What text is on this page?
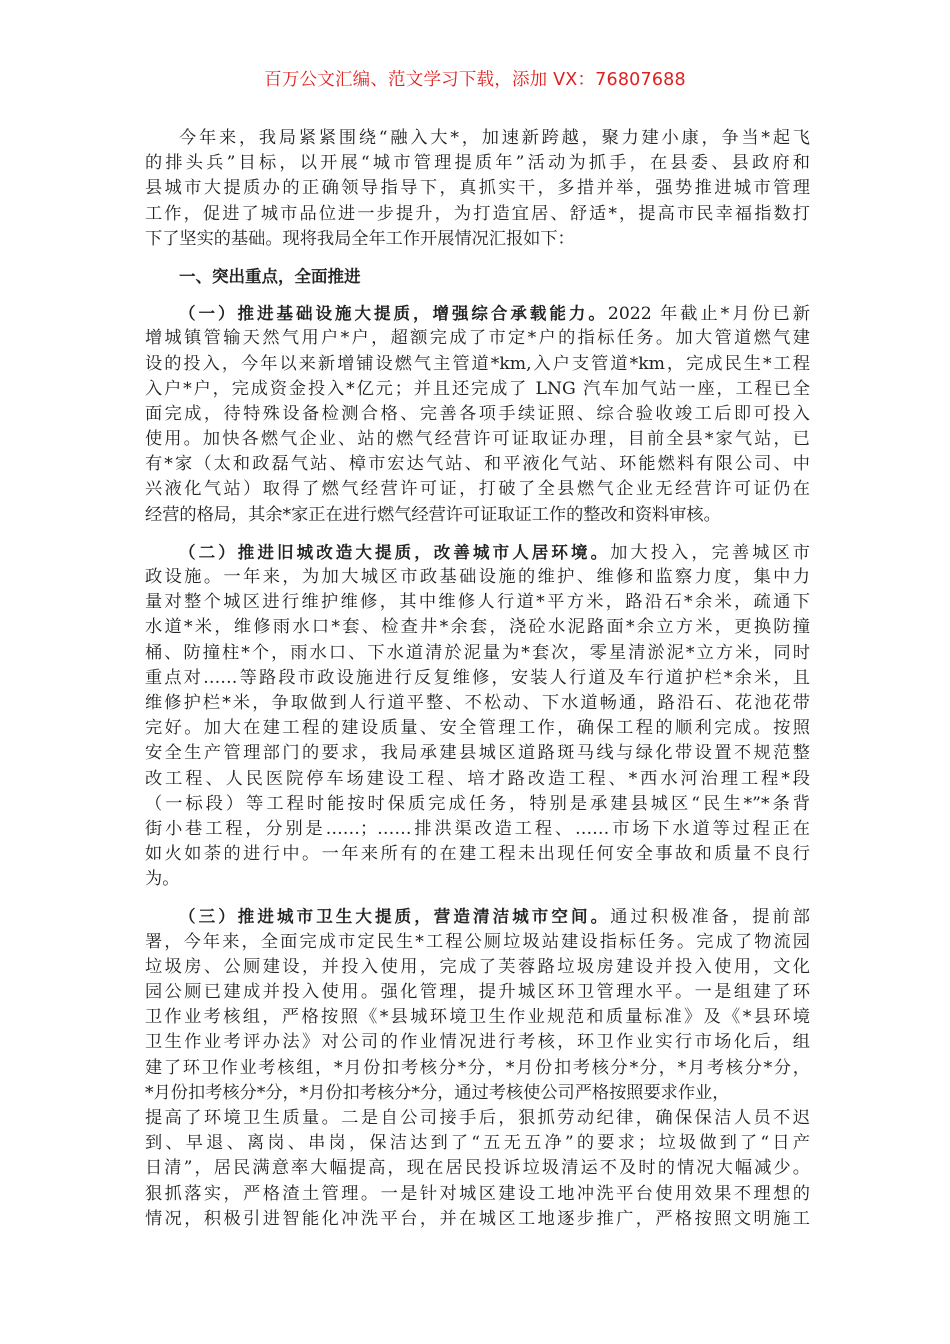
百万公文汇编、范文学习下载，添加 VX：76807688
今年来，我局紧紧围绕“融入大*，加速新跨越，聚力建小康，争当*起飞
的排头兵”目标，以开展“城市管理提质年”活动为抓手，在县委、县政府和
县城市大提质办的正确领导指导下，真抓实干，多措并举，强势推进城市管理
工作，促进了城市品位进一步提升，为打造宜居、舒适*，提高市民幸福指数打
下了坚实的基础。现将我局全年工作开展情况汇报如下：
一、突出重点，全面推进
（一）推进基础设施大提质，增强综合承载能力。2022 年截止*月份已新
增城镇管输天然气用户*户，超额完成了市定*户的指标任务。加大管道燃气建
设的投入，今年以来新增铺设燃气主管道*km,入户支管道*km，完成民生*工程
入户*户，完成资金投入*亿元；并且还完成了 LNG 汽车加气站一座，工程已全
面完成，待特殊设备检测合格、完善各项手续证照、综合验收竣工后即可投入
使用。加快各燃气企业、站的燃气经营许可证取证办理，目前全县*家气站，已
有*家（太和政磊气站、樟市宏达气站、和平液化气站、环能燃料有限公司、中
兴液化气站）取得了燃气经营许可证，打破了全县燃气企业无经营许可证仍在
经营的格局，其余*家正在进行燃气经营许可证取证工作的整改和资料审核。
（二）推进旧城改造大提质，改善城市人居环境。加大投入，完善城区市
政设施。一年来，为加大城区市政基础设施的维护、维修和监察力度，集中力
量对整个城区进行维护维修，其中维修人行道*平方米，路沿石*余米，疏通下
水道*米，维修雨水口*套、检查井*余套，浇砼水泥路面*余立方米，更换防撞
桶、防撞柱*个，雨水口、下水道清於泥量为*套次，零星清淤泥*立方米，同时
重点对……等路段市政设施进行反复维修，安装人行道及车行道护栏*余米，且
维修护栏*米，争取做到人行道平整、不松动、下水道畅通，路沿石、花池花带
完好。加大在建工程的建设质量、安全管理工作，确保工程的顺利完成。按照
安全生产管理部门的要求，我局承建县城区道路斑马线与绿化带设置不规范整
改工程、人民医院停车场建设工程、培才路改造工程、*西水河治理工程*段
（一标段）等工程时能按时保质完成任务，特别是承建县城区“民生*”*条背
街小巷工程，分别是……；……排洪渠改造工程、……市场下水道等过程正在
如火如荼的进行中。一年来所有的在建工程未出现任何安全事故和质量不良行
为。
（三）推进城市卫生大提质，营造清洁城市空间。通过积极准备，提前部
署，今年来，全面完成市定民生*工程公厕垃圾站建设指标任务。完成了物流园
垃圾房、公厕建设，并投入使用，完成了芙蓉路垃圾房建设并投入使用，文化
园公厕已建成并投入使用。强化管理，提升城区环卫管理水平。一是组建了环
卫作业考核组，严格按照《*县城环境卫生作业规范和质量标准》及《*县环境
卫生作业考评办法》对公司的作业情况进行考核，环卫作业实行市场化后，组
建了环卫作业考核组，*月份扣考核分*分，*月份扣考核分*分，*月考核分*分，
*月份扣考核分*分，*月份扣考核分*分，通过考核使公司严格按照要求作业，
提高了环境卫生质量。二是自公司接手后，狠抓劳动纪律，确保保洁人员不迟
到、早退、离岗、串岗，保洁达到了“五无五净”的要求；垃圾做到了“日产
日清”，居民满意率大幅提高，现在居民投诉垃圾清运不及时的情况大幅减少。
狠抓落实，严格渣土管理。一是针对城区建设工地冲洗平台使用效果不理想的
情况，积极引进智能化冲洗平台，并在城区工地逐步推广，严格按照文明施工
